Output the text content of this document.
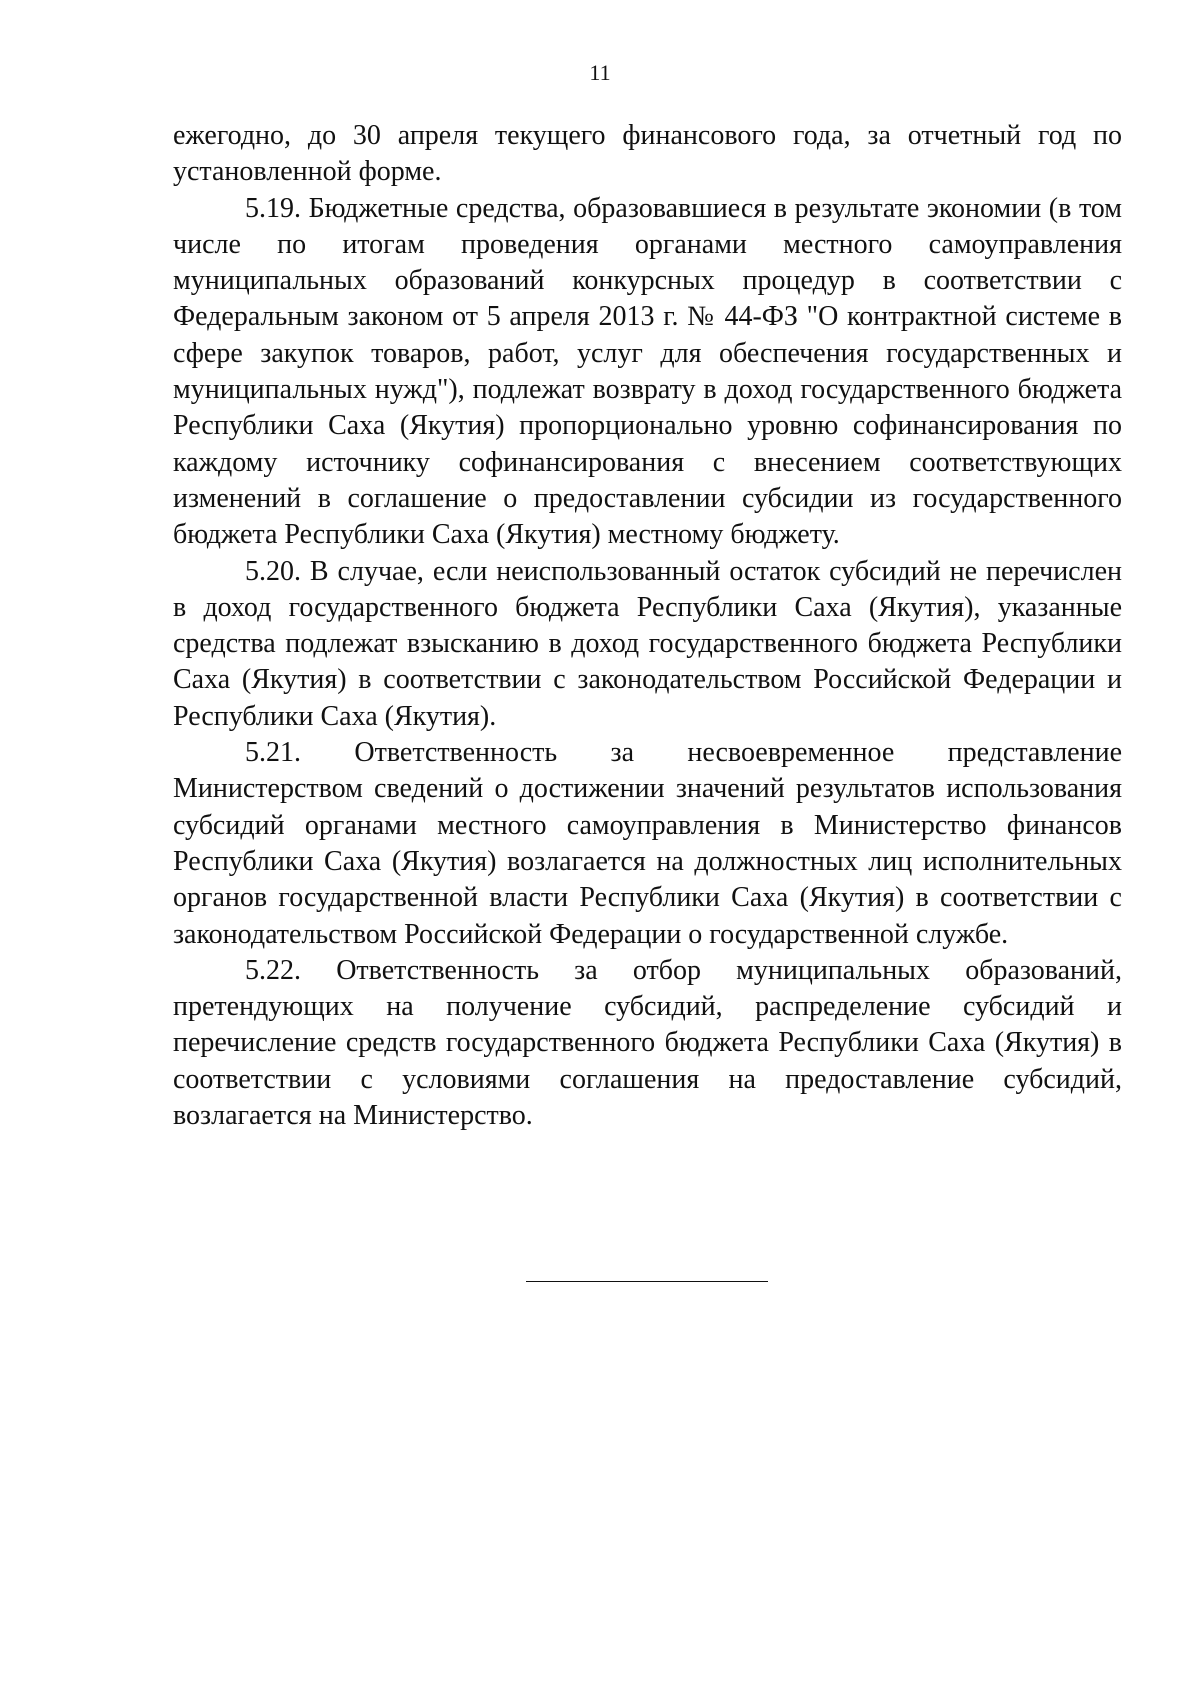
11

ежегодно, до 30 апреля текущего финансового года, за отчетный год по установленной форме.

5.19. Бюджетные средства, образовавшиеся в результате экономии (в том числе по итогам проведения органами местного самоуправления муниципальных образований конкурсных процедур в соответствии с Федеральным законом от 5 апреля 2013 г. № 44-ФЗ "О контрактной системе в сфере закупок товаров, работ, услуг для обеспечения государственных и муниципальных нужд"), подлежат возврату в доход государственного бюджета Республики Саха (Якутия) пропорционально уровню софинансирования по каждому источнику софинансирования с внесением соответствующих изменений в соглашение о предоставлении субсидии из государственного бюджета Республики Саха (Якутия) местному бюджету.

5.20. В случае, если неиспользованный остаток субсидий не перечислен в доход государственного бюджета Республики Саха (Якутия), указанные средства подлежат взысканию в доход государственного бюджета Республики Саха (Якутия) в соответствии с законодательством Российской Федерации и Республики Саха (Якутия).

5.21. Ответственность за несвоевременное представление Министерством сведений о достижении значений результатов использования субсидий органами местного самоуправления в Министерство финансов Республики Саха (Якутия) возлагается на должностных лиц исполнительных органов государственной власти Республики Саха (Якутия) в соответствии с законодательством Российской Федерации о государственной службе.

5.22. Ответственность за отбор муниципальных образований, претендующих на получение субсидий, распределение субсидий и перечисление средств государственного бюджета Республики Саха (Якутия) в соответствии с условиями соглашения на предоставление субсидий, возлагается на Министерство.
